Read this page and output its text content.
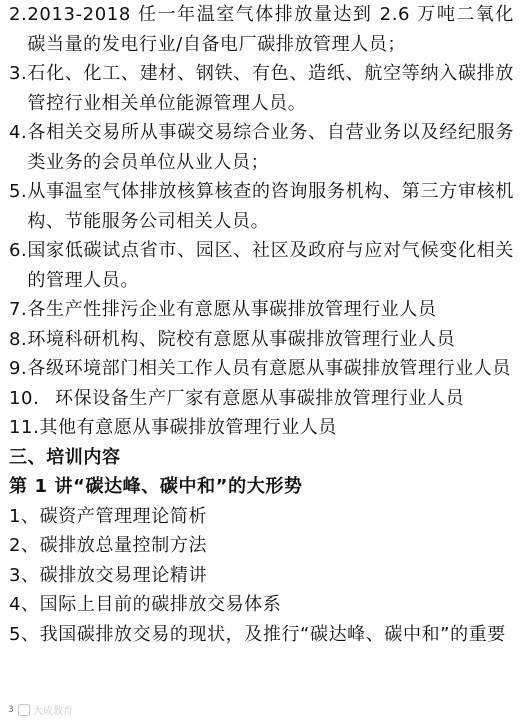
2. 2013-2018 任一年温室气体排放量达到 2.6 万吨二氧化碳当量的发电行业/自备电厂碳排放管理人员；
3. 石化、化工、建材、钢铁、有色、造纸、航空等纳入碳排放管控行业相关单位能源管理人员。
4. 各相关交易所从事碳交易综合业务、自营业务以及经纪服务类业务的会员单位从业人员；
5. 从事温室气体排放核算核查的咨询服务机构、第三方审核机构、节能服务公司相关人员。
6. 国家低碳试点省市、园区、社区及政府与应对气候变化相关的管理人员。
7. 各生产性排污企业有意愿从事碳排放管理行业人员
8. 环境科研机构、院校有意愿从事碳排放管理行业人员
9. 各级环境部门相关工作人员有意愿从事碳排放管理行业人员
10. 环保设备生产厂家有意愿从事碳排放管理行业人员
11. 其他有意愿从事碳排放管理行业人员
三、培训内容
第 1 讲“碳达峰、碳中和”的大形势
1、 碳资产管理理论简析
2、 碳排放总量控制方法
3、 碳排放交易理论精讲
4、 国际上目前的碳排放交易体系
5、 我国碳排放交易的现状，及推行“碳达峰、碳中和”的重要
3 大成教育
